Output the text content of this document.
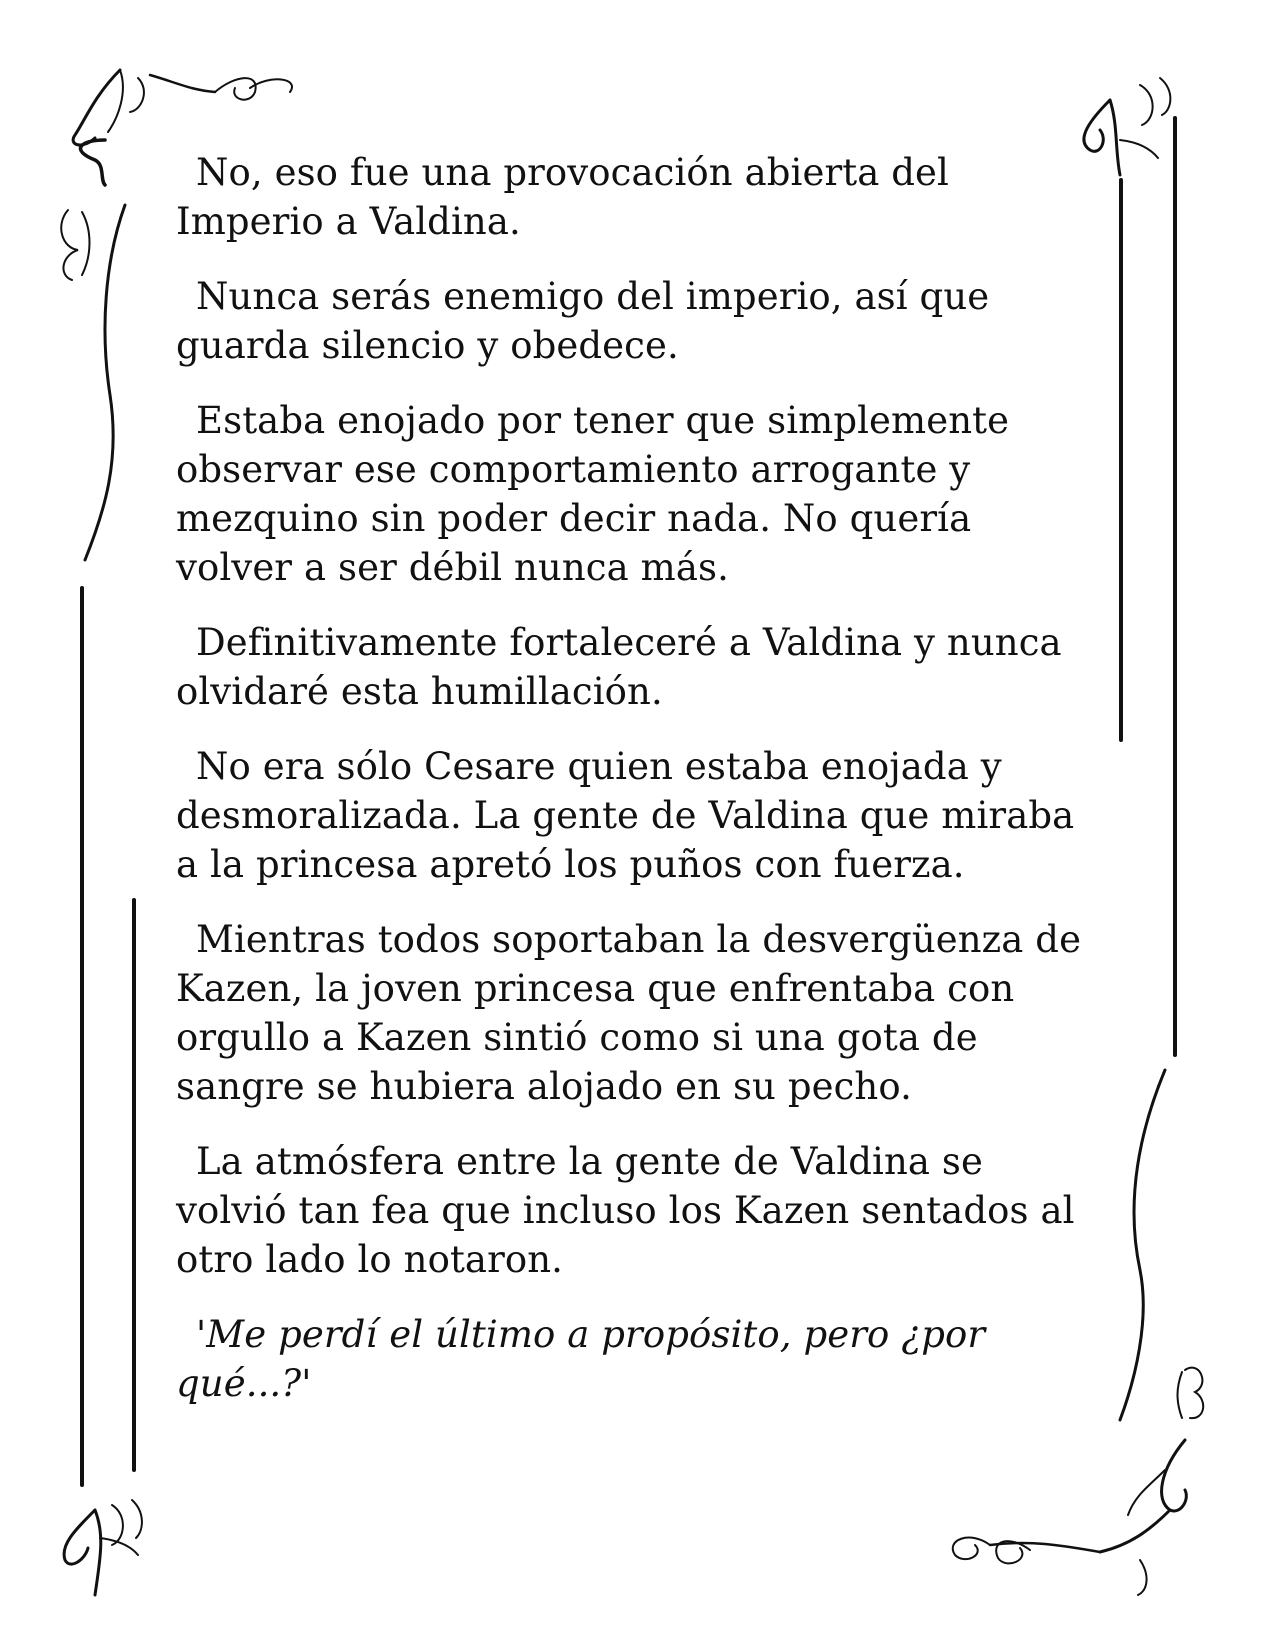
No, eso fue una provocación abierta del Imperio a Valdina.

Nunca serás enemigo del imperio, así que guarda silencio y obedece.

Estaba enojado por tener que simplemente observar ese comportamiento arrogante y mezquino sin poder decir nada. No quería volver a ser débil nunca más.

Definitivamente fortaleceré a Valdina y nunca olvidaré esta humillación.

No era sólo Cesare quien estaba enojada y desmoralizada. La gente de Valdina que miraba a la princesa apretó los puños con fuerza.

Mientras todos soportaban la desvergüenza de Kazen, la joven princesa que enfrentaba con orgullo a Kazen sintió como si una gota de sangre se hubiera alojado en su pecho.

La atmósfera entre la gente de Valdina se volvió tan fea que incluso los Kazen sentados al otro lado lo notaron.

'Me perdí el último a propósito, pero ¿por qué...?'
